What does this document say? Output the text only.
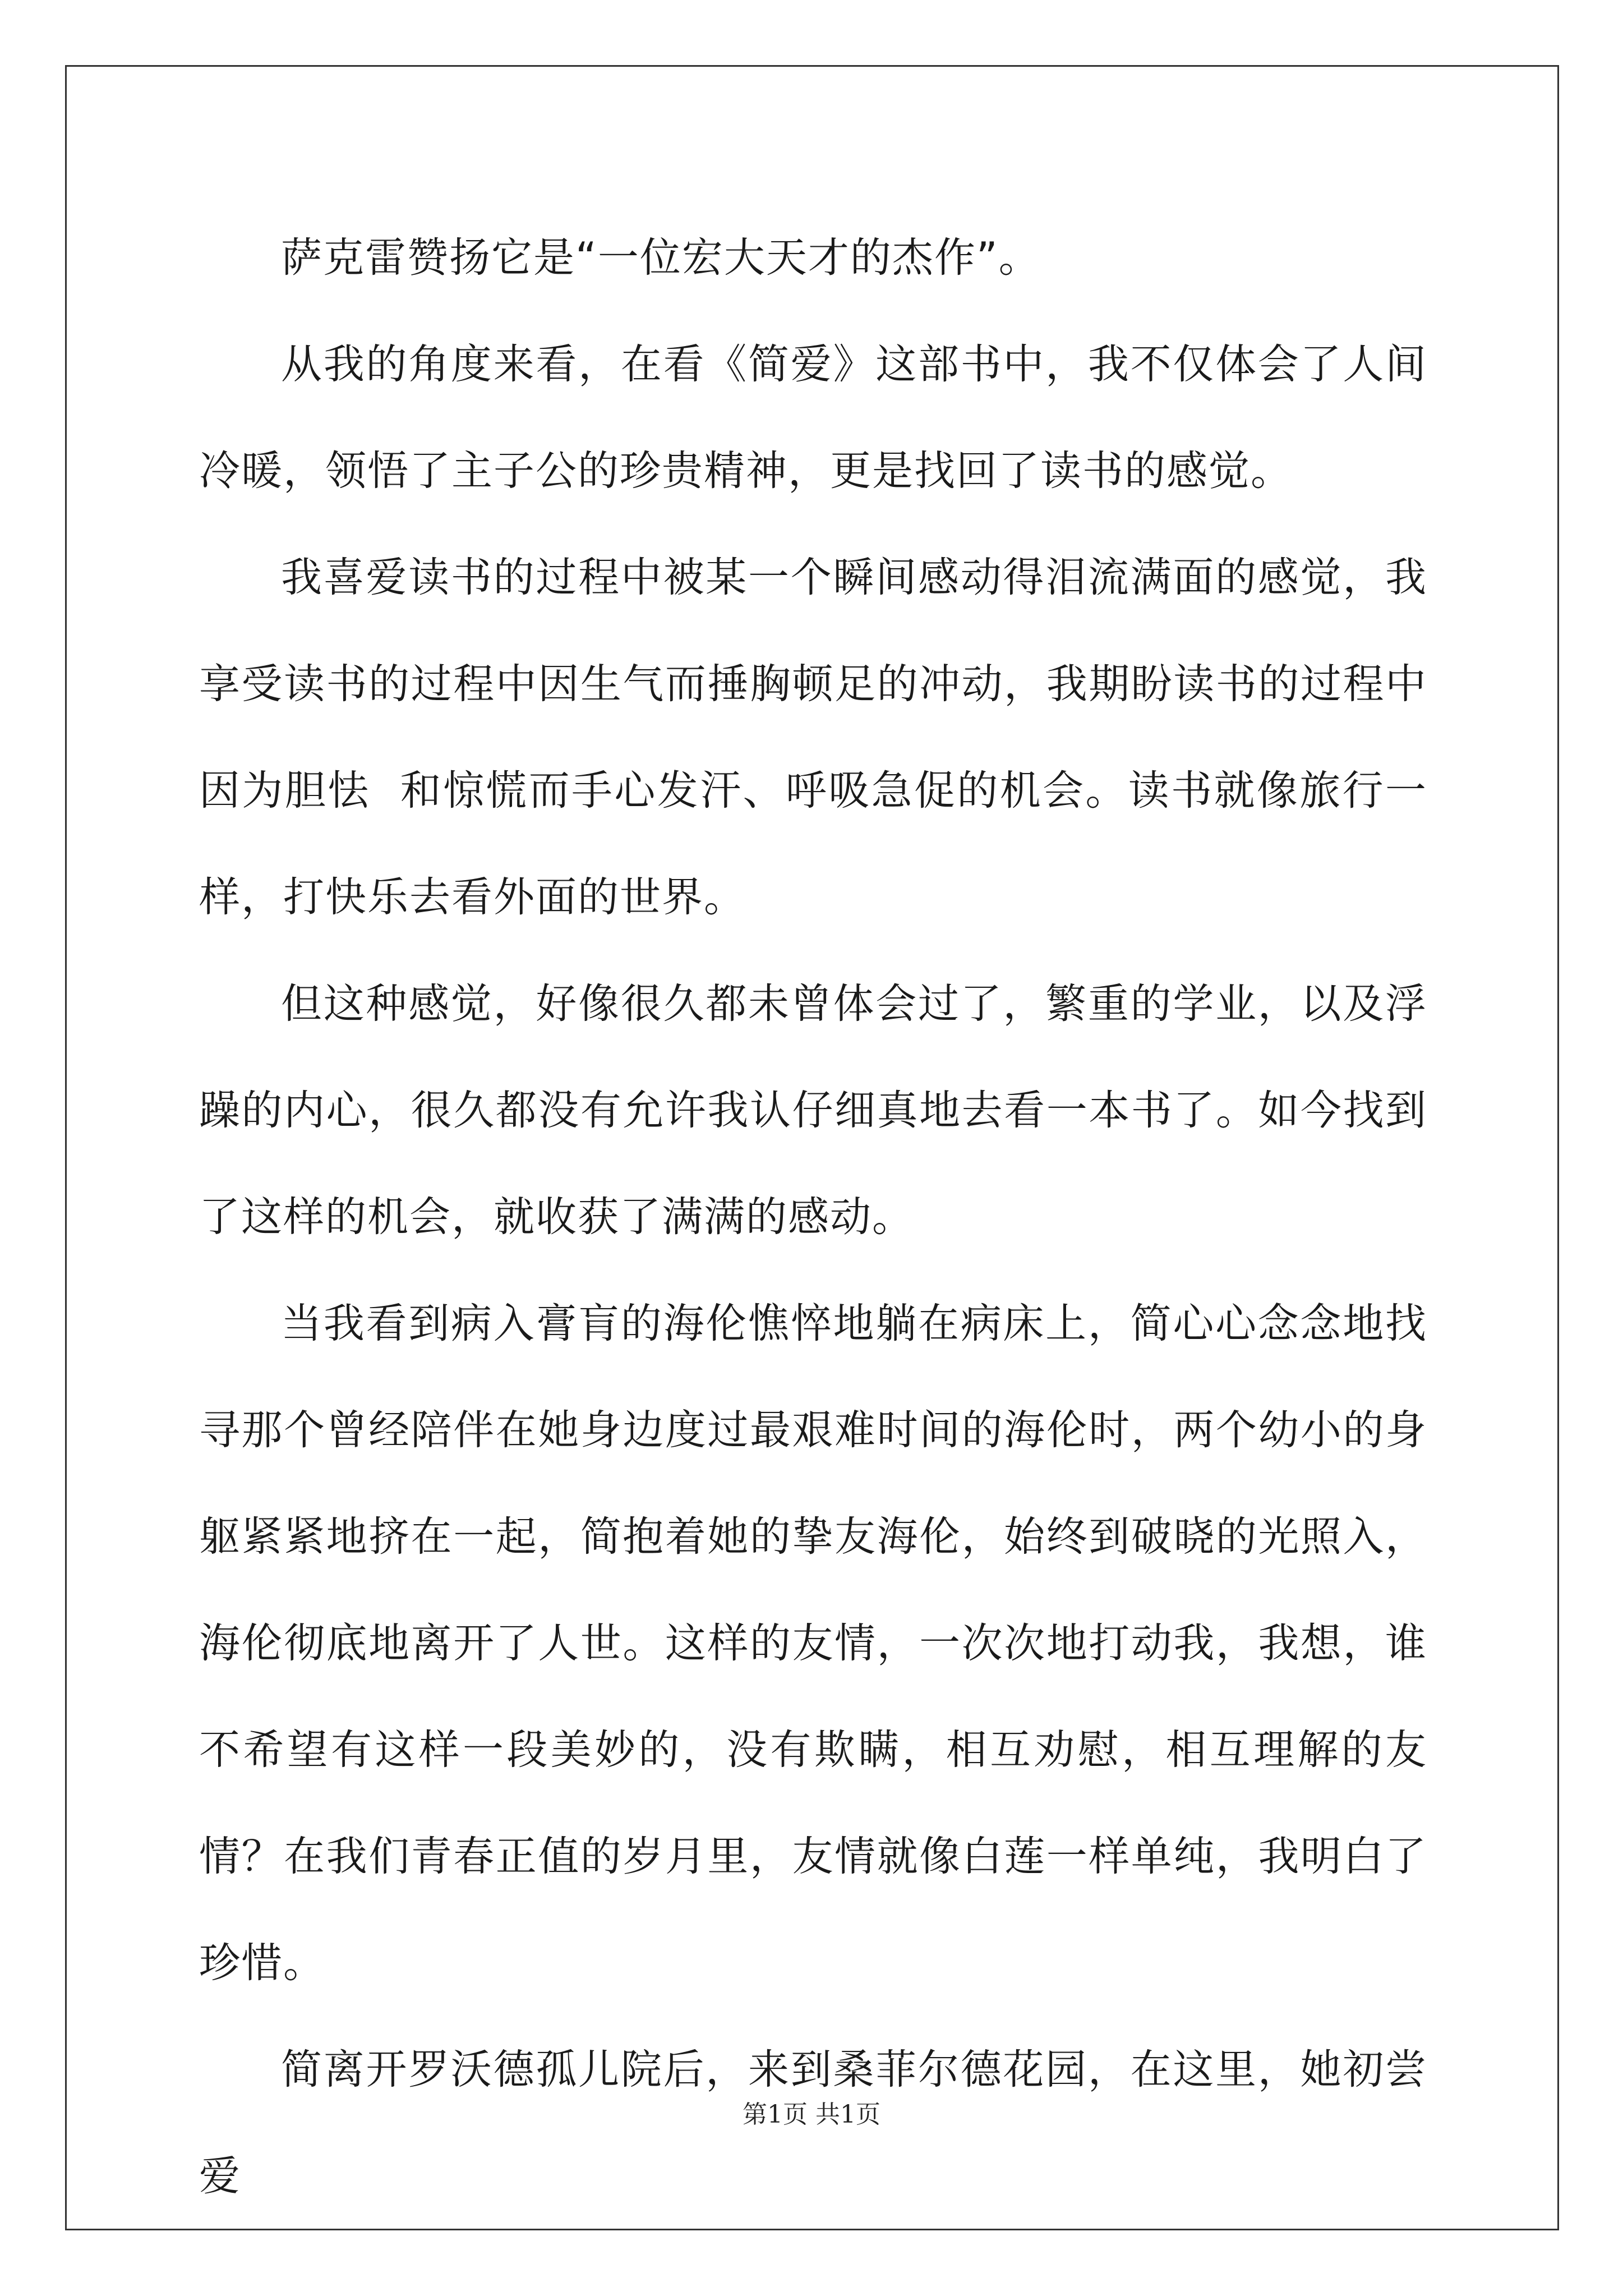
萨克雷赞扬它是“一位宏大天才的杰作”。

从我的角度来看，在看《简爱》这部书中，我不仅体会了人间冷暖，领悟了主子公的珍贵精神，更是找回了读书的感觉。

我喜爱读书的过程中被某一个瞬间感动得泪流满面的感觉，我享受读书的过程中因生气而捶胸顿足的冲动，我期盼读书的过程中因为胆怯  和惊慌而手心发汗、呼吸急促的机会。读书就像旅行一样，打快乐去看外面的世界。

但这种感觉，好像很久都未曾体会过了，繁重的学业，以及浮躁的内心，很久都没有允许我认仔细真地去看一本书了。如今找到了这样的机会，就收获了满满的感动。

当我看到病入膏肓的海伦憔悴地躺在病床上，简心心念念地找寻那个曾经陪伴在她身边度过最艰难时间的海伦时，两个幼小的身躯紧紧地挤在一起，简抱着她的挚友海伦，始终到破晓的光照入，海伦彻底地离开了人世。这样的友情，一次次地打动我，我想，谁不希望有这样一段美妙的，没有欺瞒，相互劝慰，相互理解的友情？在我们青春正值的岁月里，友情就像白莲一样单纯，我明白了珍惜。

简离开罗沃德孤儿院后，来到桑菲尔德花园，在这里，她初尝爱

第1页 共1页
